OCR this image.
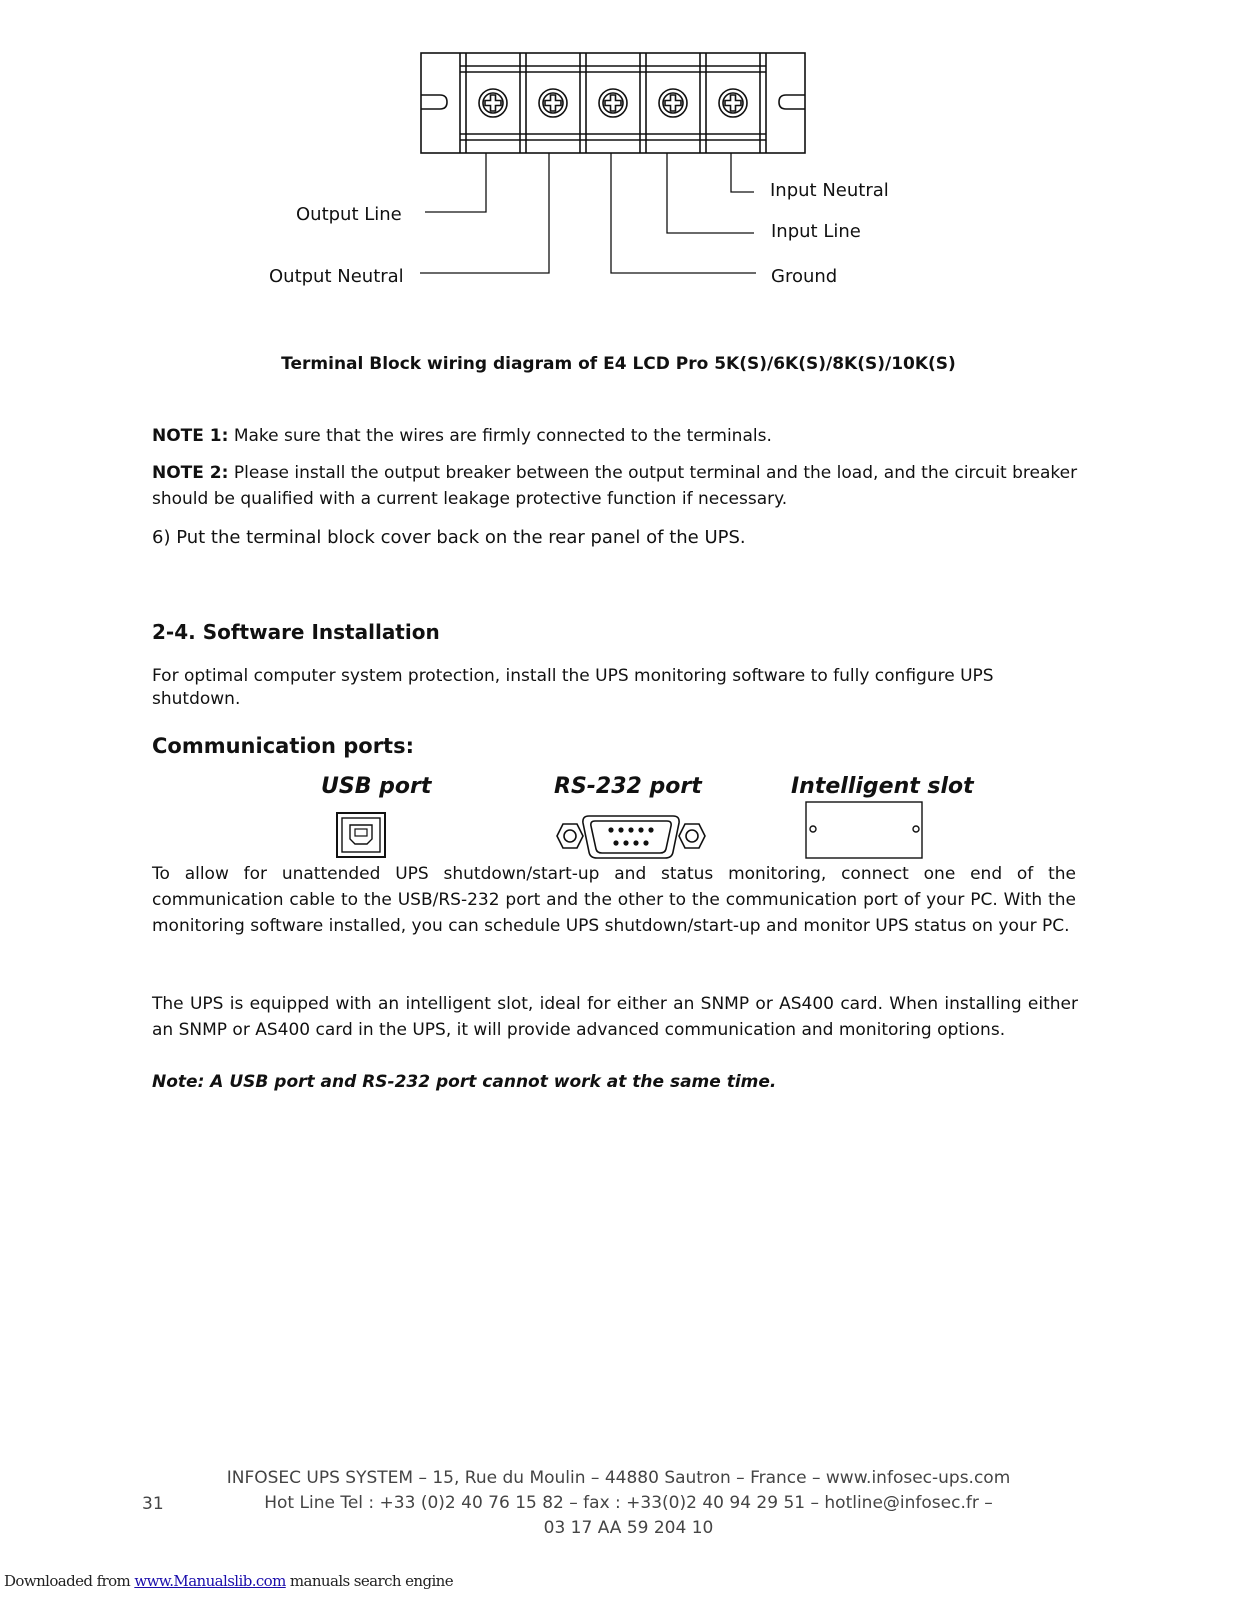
Output Line
Output Neutral
Input Neutral
Input Line
Ground
Terminal Block wiring diagram of E4 LCD Pro 5K(S)/6K(S)/8K(S)/10K(S)
NOTE 1: Make sure that the wires are firmly connected to the terminals.
NOTE 2: Please install the output breaker between the output terminal and the load, and the circuit breaker should be qualified with a current leakage protective function if necessary.
6) Put the terminal block cover back on the rear panel of the UPS.
2-4. Software Installation
For optimal computer system protection, install the UPS monitoring software to fully configure UPS shutdown.
Communication ports:
USB port	RS-232 port	Intelligent slot
To allow for unattended UPS shutdown/start-up and status monitoring, connect one end of the communication cable to the USB/RS-232 port and the other to the communication port of your PC. With the monitoring software installed, you can schedule UPS shutdown/start-up and monitor UPS status on your PC.
The UPS is equipped with an intelligent slot, ideal for either an SNMP or AS400 card. When installing either an SNMP or AS400 card in the UPS, it will provide advanced communication and monitoring options.
Note: A USB port and RS-232 port cannot work at the same time.
31
INFOSEC UPS SYSTEM – 15, Rue du Moulin – 44880 Sautron – France – www.infosec-ups.com
Hot Line Tel : +33 (0)2 40 76 15 82 – fax : +33(0)2 40 94 29 51 – hotline@infosec.fr –
03 17 AA 59 204 10
Downloaded from www.Manualslib.com manuals search engine
